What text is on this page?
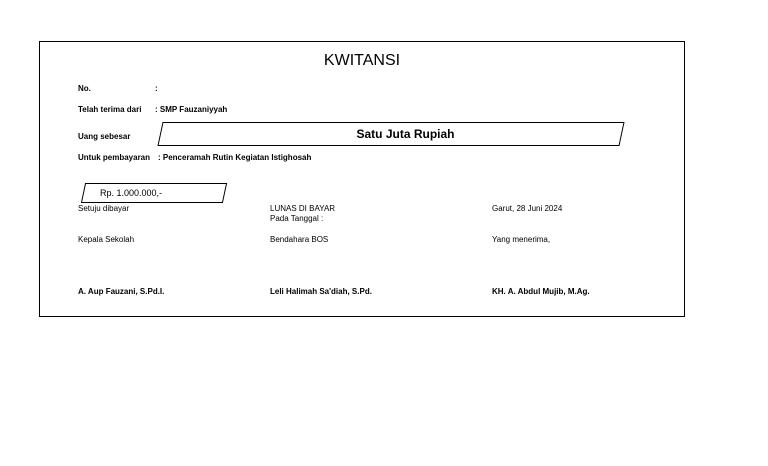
KWITANSI
No.	:
Telah terima dari : SMP Fauzaniyyah
Uang sebesar	Satu Juta Rupiah
Untuk pembayaran : Penceramah Rutin Kegiatan Istighosah
Rp. 1.000.000,-
Setuju dibayar
Kepala Sekolah
A. Aup Fauzani, S.Pd.I.
LUNAS DI BAYAR
Pada Tanggal :
Bendahara BOS
Leli Halimah Sa'diah, S.Pd.
Garut, 28 Juni 2024
Yang menerima,
KH. A. Abdul Mujib, M.Ag.
